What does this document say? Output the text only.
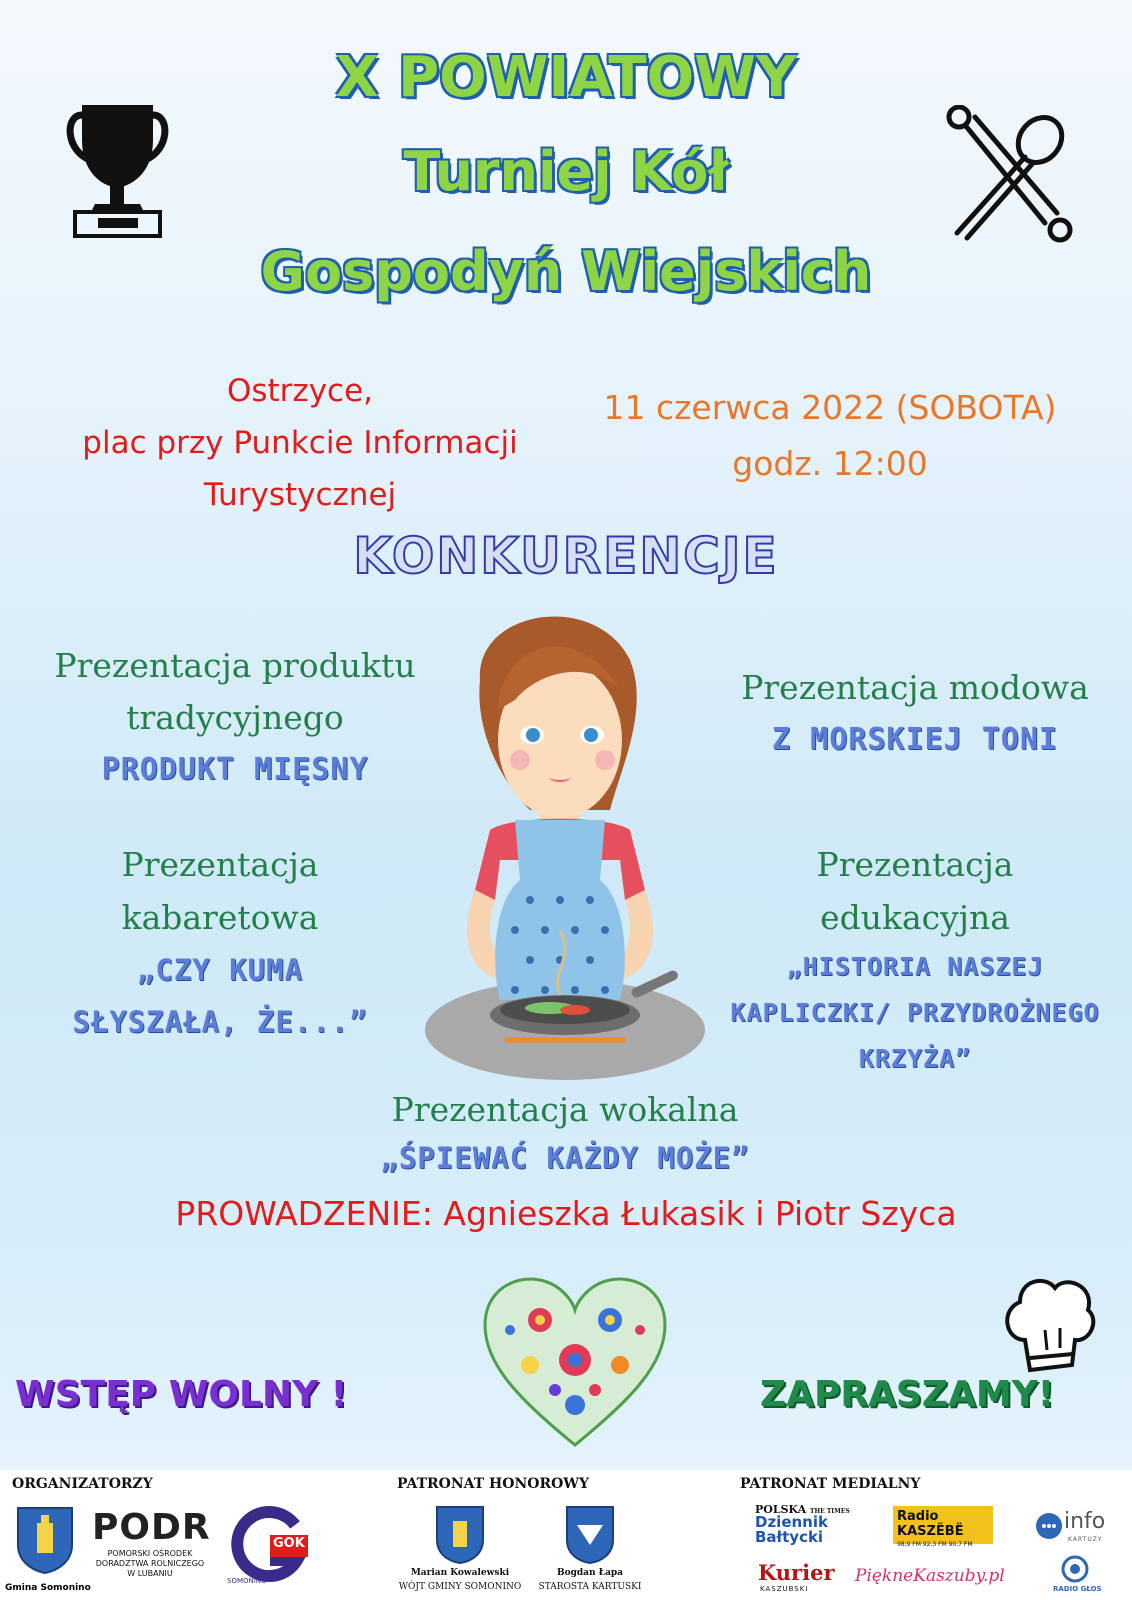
X POWIATOWY
Turniej Kół
Gospodyń Wiejskich
Ostrzyce,
plac przy Punkcie Informacji
Turystycznej
11 czerwca 2022 (SOBOTA)
godz. 12:00
KONKURENCJE
Prezentacja produktu
tradycyjnego
PRODUKT MIĘSNY
Prezentacja modowa
Z MORSKIEJ TONI
Prezentacja
kabaretowa
„CZY KUMA
SŁYSZAŁA, ŻE...”
Prezentacja
edukacyjna
„HISTORIA NASZEJ
KAPLICZKI/ PRZYDROŻNEGO
KRZYŻA”
Prezentacja wokalna
„ŚPIEWAĆ KAŻDY MOŻE”
PROWADZENIE: Agnieszka Łukasik i Piotr Szyca
WSTĘP WOLNY !	ZAPRASZAMY!
ORGANIZATORZY	PATRONAT HONOROWY	PATRONAT MEDIALNY
Gmina Somonino
PODR
POMORSKI OŚRODEK
DORADZTWA ROLNICZEGO
W LUBANIU
GOK
SOMONINO
Marian Kowalewski
WÓJT GMINY SOMONINO
Bogdan Łapa
STAROSTA KARTUSKI
POLSKA THE TIMES
Dziennik
Bałtycki
Radio KASZËBË
98,9 FM 92,3 FM 90,7 FM
info
KARTUZY
Kurier
KASZUBSKI
PiękneKaszuby.pl
RADIO GŁOS
